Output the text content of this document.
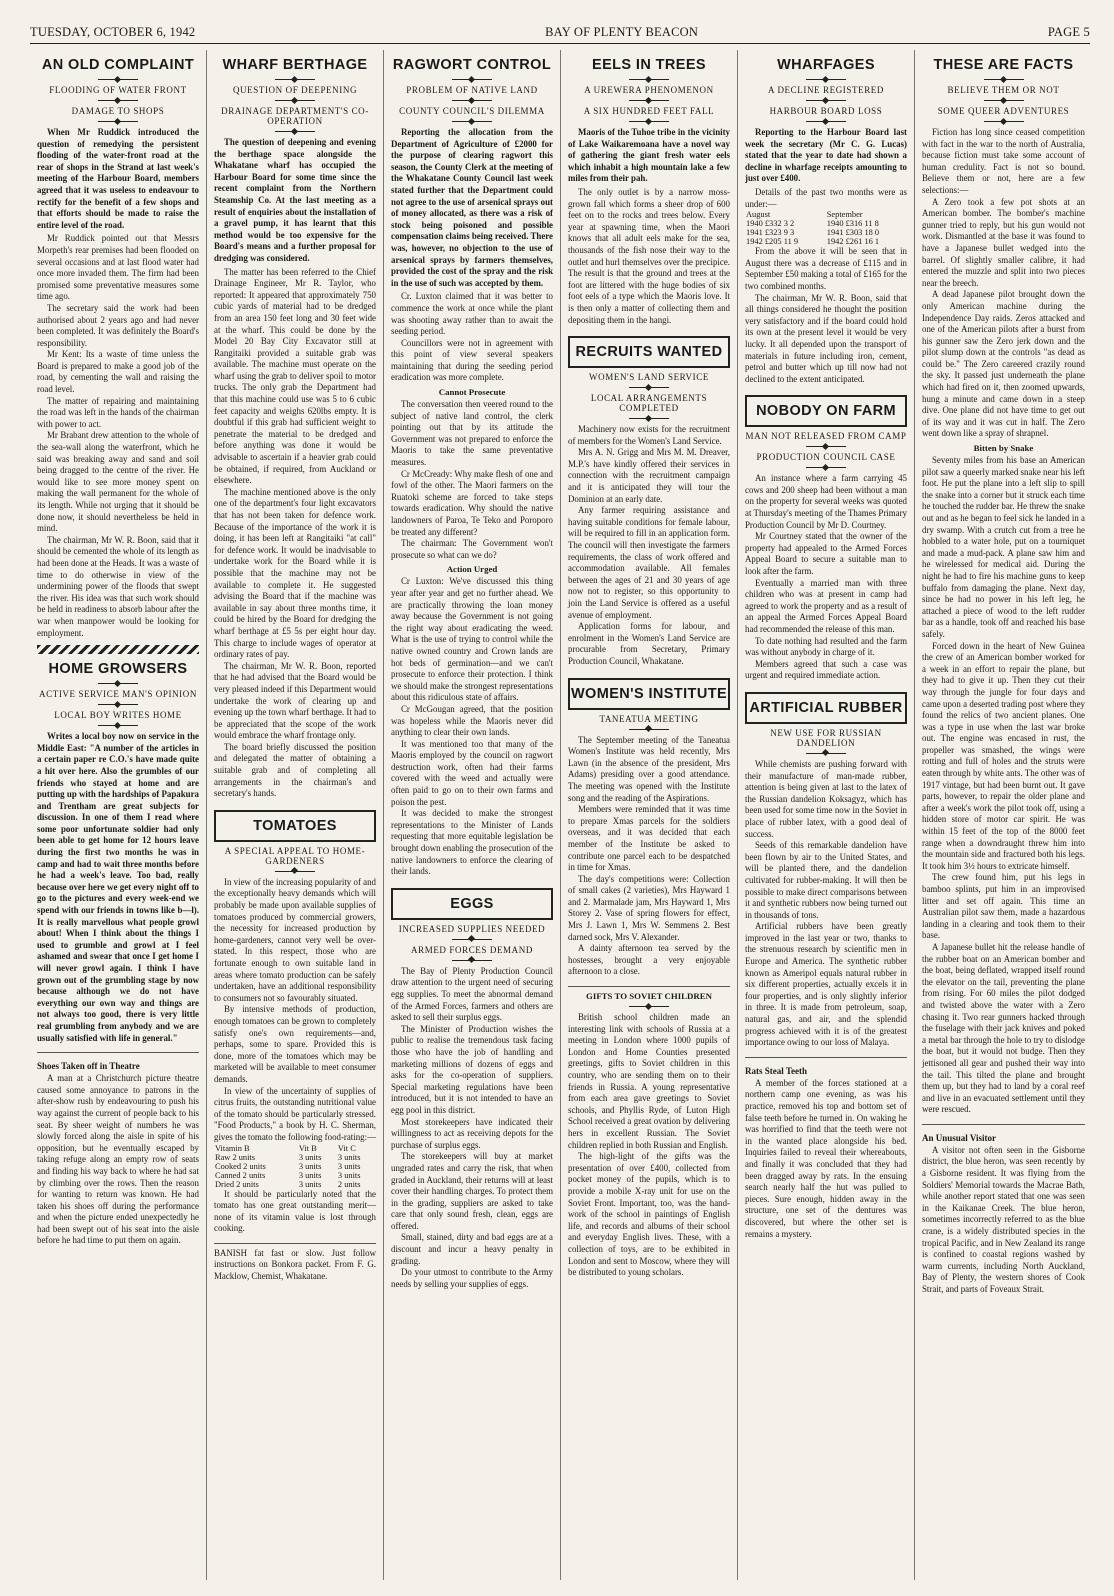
TUESDAY, OCTOBER 6, 1942	BAY OF PLENTY BEACON	PAGE 5
AN OLD COMPLAINT
FLOODING OF WATER FRONT
DAMAGE TO SHOPS

When Mr Ruddick introduced the question of remedying the persistent flooding of the water-front road at the rear of shops in the Strand at last week's meeting of the Harbour Board, members agreed that it was useless to endeavour to rectify for the benefit of a few shops and that efforts should be made to raise the entire level of the road.

Mr Ruddick pointed out that Messrs Morpeth's rear premises had been flooded on several occasions and at last flood water had once more invaded them. The firm had been promised some preventative measures some time ago.

The secretary said the work had been authorised about 2 years ago and had never been completed. It was definitely the Board's responsibility.

Mr Kent: Its a waste of time unless the Board is prepared to make a good job of the road, by cementing the wall and raising the road level.

The matter of repairing and maintaining the road was left in the hands of the chairman with power to act.

Mr Brabant drew attention to the whole of the sea-wall along the waterfront, which he said was breaking away and sand and soil being dragged to the centre of the river. He would like to see more money spent on making the wall permanent for the whole of its length. While not urging that it should be done now, it should nevertheless be held in mind.

The chairman, Mr W. R. Boon, said that it should be cemented the whole of its length as had been done at the Heads. It was a waste of time to do otherwise in view of the undermining power of the floods that swept the river. His idea was that such work should be held in readiness to absorb labour after the war when manpower would be looking for employment.

HOME GROWSERS
ACTIVE SERVICE MAN'S OPINION
LOCAL BOY WRITES HOME

Writes a local boy now on service in the Middle East: "A number of the articles in a certain paper re C.O.'s have made quite a hit over here. Also the grumbles of our friends who stayed at home and are putting up with the hardships of Papakura and Trentham are great subjects for discussion. In one of them I read where some poor unfortunate soldier had only been able to get home for 12 hours leave during the first two months he was in camp and had to wait three months before he had a week's leave. Too bad, really because over here we get every night off to go to the pictures and every week-end we spend with our friends in towns like b—l). It is really marvellous what people growl about! When I think about the things I used to grumble and growl at I feel ashamed and swear that once I get home I will never growl again. I think I have grown out of the grumbling stage by now because although we do not have everything our own way and things are not always too good, there is very little real grumbling from anybody and we are usually satisfied with life in general."

Shoes Taken off in Theatre

A man at a Christchurch picture theatre caused some annoyance to patrons in the after-show rush by endeavouring to push his way against the current of people back to his seat. By sheer weight of numbers he was slowly forced along the aisle in spite of his opposition, but he eventually escaped by taking refuge along an empty row of seats and finding his way back to where he had sat by climbing over the rows. Then the reason for wanting to return was known. He had taken his shoes off during the performance and when the picture ended unexpectedly he had been swept out of his seat into the aisle before he had time to put them on again.

WHARF BERTHAGE
QUESTION OF DEEPENING
DRAINAGE DEPARTMENT'S CO-OPERATION

The question of deepening and evening the berthage space alongside the Whakatane wharf has occupied the Harbour Board for some time since the recent complaint from the Northern Steamship Co. At the last meeting as a result of enquiries about the installation of a gravel pump, it has learnt that this method would be too expensive for the Board's means and a further proposal for dredging was considered.

The matter has been referred to the Chief Drainage Engineer, Mr R. Taylor, who reported: It appeared that approximately 750 cubic yards of material had to be dredged from an area 150 feet long and 30 feet wide at the wharf. This could be done by the Model 20 Bay City Excavator still at Rangitaiki provided a suitable grab was available. The machine must operate on the wharf using the grab to deliver spoil to motor trucks. The only grab the Department had that this machine could use was 5 to 6 cubic feet capacity and weighs 620lbs empty. It is doubtful if this grab had sufficient weight to penetrate the material to be dredged and before anything was done it would be advisable to ascertain if a heavier grab could be obtained, if required, from Auckland or elsewhere.

The machine mentioned above is the only one of the department's four light excavators that has not been taken for defence work. Because of the importance of the work it is doing, it has been left at Rangitaiki "at call" for defence work. It would be inadvisable to undertake work for the Board while it is possible that the machine may not be available to complete it. He suggested advising the Board that if the machine was available in say about three months time, it could be hired by the Board for dredging the wharf berthage at £5 5s per eight hour day. This charge to include wages of operator at ordinary rates of pay.

The chairman, Mr W. R. Boon, reported that he had advised that the Board would be very pleased indeed if this Department would undertake the work of clearing up and evening up the town wharf berthage. It had to be appreciated that the scope of the work would embrace the wharf frontage only.

The board briefly discussed the position and delegated the matter of obtaining a suitable grab and of completing all arrangements in the chairman's and secretary's hands.

TOMATOES
A SPECIAL APPEAL TO HOME-GARDENERS

In view of the increasing popularity of and the exceptionally heavy demands which will probably be made upon available supplies of tomatoes produced by commercial growers, the necessity for increased production by home-gardeners, cannot very well be over-stated. In this respect, those who are fortunate enough to own suitable land in areas where tomato production can be safely undertaken, have an additional responsibility to consumers not so favourably situated.

By intensive methods of production, enough tomatoes can be grown to completely satisfy one's own requirements—and, perhaps, some to spare. Provided this is done, more of the tomatoes which may be marketed will be available to meet consumer demands.

In view of the uncertainty of supplies of citrus fruits, the outstanding nutritional value of the tomato should be particularly stressed. "Food Products," a book by H. C. Sherman, gives the tomato the following food-rating:—

Vitamin B	Vit B	Vit C
Raw 2 units	3 units	3 units
Cooked 2 units	3 units	3 units
Canned 2 units	3 units	3 units
Dried 2 units	3 units	2 units

It should be particularly noted that the tomato has one great outstanding merit—none of its vitamin value is lost through cooking.

BANISH fat fast or slow. Just follow instructions on Bonkora packet. From F. G. Macklow, Chemist, Whakatane.

RAGWORT CONTROL
PROBLEM OF NATIVE LAND
COUNTY COUNCIL'S DILEMMA

Reporting the allocation from the Department of Agriculture of £2000 for the purpose of clearing ragwort this season, the County Clerk at the meeting of the Whakatane County Council last week stated further that the Department could not agree to the use of arsenical sprays out of money allocated, as there was a risk of stock being poisoned and possible compensation claims being received. There was, however, no objection to the use of arsenical sprays by farmers themselves, provided the cost of the spray and the risk in the use of such was accepted by them.

Cr. Luxton claimed that it was better to commence the work at once while the plant was shooting away rather than to await the seeding period.

Councillors were not in agreement with this point of view several speakers maintaining that during the seeding period eradication was more complete.

Cannot Prosecute

The conversation then veered round to the subject of native land control, the clerk pointing out that by its attitude the Government was not prepared to enforce the Maoris to take the same preventative measures.

Cr McCready: Why make flesh of one and fowl of the other. The Maori farmers on the Ruatoki scheme are forced to take steps towards eradication. Why should the native landowners of Paroa, Te Teko and Poroporo be treated any different?

The chairman: The Government won't prosecute so what can we do?

Action Urged

Cr Luxton: We've discussed this thing year after year and get no further ahead. We are practically throwing the loan money away because the Government is not going the right way about eradicating the weed. What is the use of trying to control while the native owned country and Crown lands are hot beds of germination—and we can't prosecute to enforce their protection. I think we should make the strongest representations about this ridiculous state of affairs.

Cr McGougan agreed, that the position was hopeless while the Maoris never did anything to clear their own lands.

It was mentioned too that many of the Maoris employed by the council on ragwort destruction work, often had their farms covered with the weed and actually were often paid to go on to their own farms and poison the pest.

It was decided to make the strongest representations to the Minister of Lands requesting that more equitable legislation be brought down enabling the prosecution of the native landowners to enforce the clearing of their lands.

EGGS
INCREASED SUPPLIES NEEDED
ARMED FORCES DEMAND

The Bay of Plenty Production Council draw attention to the urgent need of securing egg supplies. To meet the abnormal demand of the Armed Forces, farmers and others are asked to sell their surplus eggs.

The Minister of Production wishes the public to realise the tremendous task facing those who have the job of handling and marketing millions of dozens of eggs and asks for the co-operation of suppliers. Special marketing regulations have been introduced, but it is not intended to have an egg pool in this district.

Most storekeepers have indicated their willingness to act as receiving depots for the purchase of surplus eggs.

The storekeepers will buy at market ungraded rates and carry the risk, that when graded in Auckland, their returns will at least cover their handling charges. To protect them in the grading, suppliers are asked to take care that only sound fresh, clean, eggs are offered.

Small, stained, dirty and bad eggs are at a discount and incur a heavy penalty in grading.

Do your utmost to contribute to the Army needs by selling your supplies of eggs.

EELS IN TREES
A UREWERA PHENOMENON
A SIX HUNDRED FEET FALL

Maoris of the Tuhoe tribe in the vicinity of Lake Waikaremoana have a novel way of gathering the giant fresh water eels which inhabit a high mountain lake a few miles from their pah.

The only outlet is by a narrow moss-grown fall which forms a sheer drop of 600 feet on to the rocks and trees below. Every year at spawning time, when the Maori knows that all adult eels make for the sea, thousands of the fish nose their way to the outlet and hurl themselves over the precipice. The result is that the ground and trees at the foot are littered with the huge bodies of six foot eels of a type which the Maoris love. It is then only a matter of collecting them and depositing them in the hangi.

RECRUITS WANTED
WOMEN'S LAND SERVICE
LOCAL ARRANGEMENTS COMPLETED

Machinery now exists for the recruitment of members for the Women's Land Service.

Mrs A. N. Grigg and Mrs M. M. Dreaver, M.P.'s have kindly offered their services in connection with the recruitment campaign and it is anticipated they will tour the Dominion at an early date.

Any farmer requiring assistance and having suitable conditions for female labour, will be required to fill in an application form. The council will then investigate the farmers requirements, the class of work offered and accommodation available. All females between the ages of 21 and 30 years of age now not to register, so this opportunity to join the Land Service is offered as a useful avenue of employment.

Application forms for labour, and enrolment in the Women's Land Service are procurable from Secretary, Primary Production Council, Whakatane.

WOMEN'S INSTITUTE
TANEATUA MEETING

The September meeting of the Taneatua Women's Institute was held recently, Mrs Lawn (in the absence of the president, Mrs Adams) presiding over a good attendance. The meeting was opened with the Institute song and the reading of the Aspirations.

Members were reminded that it was time to prepare Xmas parcels for the soldiers overseas, and it was decided that each member of the Institute be asked to contribute one parcel each to be despatched in time for Xmas.

The day's competitions were: Collection of small cakes (2 varieties), Mrs Hayward 1 and 2. Marmalade jam, Mrs Hayward 1, Mrs Storey 2. Vase of spring flowers for effect, Mrs J. Lawn 1, Mrs W. Semmens 2. Best darned sock, Mrs V. Alexander.

A dainty afternoon tea served by the hostesses, brought a very enjoyable afternoon to a close.

GIFTS TO SOVIET CHILDREN

British school children made an interesting link with schools of Russia at a meeting in London where 1000 pupils of London and Home Counties presented greetings, gifts to Soviet children in this country, who are sending them on to their friends in Russia. A young representative from each area gave greetings to Soviet schools, and Phyllis Ryde, of Luton High School received a great ovation by delivering hers in excellent Russian. The Soviet children replied in both Russian and English.

The high-light of the gifts was the presentation of over £400, collected from pocket money of the pupils, which is to provide a mobile X-ray unit for use on the Soviet Front. Important, too, was the hand-work of the school in paintings of English life, and records and albums of their school and everyday English lives. These, with a collection of toys, are to be exhibited in London and sent to Moscow, where they will be distributed to young scholars.

WHARFAGES
A DECLINE REGISTERED
HARBOUR BOARD LOSS

Reporting to the Harbour Board last week the secretary (Mr C. G. Lucas) stated that the year to date had shown a decline in wharfage receipts amounting to just over £400.

Details of the past two months were as under:—

August	September
1940 £332 3 2	1940 £316 11 8
1941 £323 9 3	1941 £303 18 0
1942 £205 11 9	1942 £261 16 1

From the above it will be seen that in August there was a decrease of £115 and in September £50 making a total of £165 for the two combined months.

The chairman, Mr W. R. Boon, said that all things considered he thought the position very satisfactory and if the board could hold its own at the present level it would be very lucky. It all depended upon the transport of materials in future including iron, cement, petrol and butter which up till now had not declined to the extent anticipated.

NOBODY ON FARM
MAN NOT RELEASED FROM CAMP
PRODUCTION COUNCIL CASE

An instance where a farm carrying 45 cows and 200 sheep had been without a man on the property for several weeks was quoted at Thursday's meeting of the Thames Primary Production Council by Mr D. Courtney.

Mr Courtney stated that the owner of the property had appealed to the Armed Forces Appeal Board to secure a suitable man to look after the farm.

Eventually a married man with three children who was at present in camp had agreed to work the property and as a result of an appeal the Armed Forces Appeal Board had recommended the release of this man.

To date nothing had resulted and the farm was without anybody in charge of it.

Members agreed that such a case was urgent and required immediate action.

ARTIFICIAL RUBBER
NEW USE FOR RUSSIAN DANDELION

While chemists are pushing forward with their manufacture of man-made rubber, attention is being given at last to the latex of the Russian dandelion Koksagyz, which has been used for some time now in the Soviet in place of rubber latex, with a good deal of success.

Seeds of this remarkable dandelion have been flown by air to the United States, and will be planted there, and the dandelion cultivated for rubber-making. It will then be possible to make direct comparisons between it and synthetic rubbers now being turned out in thousands of tons.

Artificial rubbers have been greatly improved in the last year or two, thanks to the strenuous research by scientific men in Europe and America. The synthetic rubber known as Ameripol equals natural rubber in six different properties, actually excels it in four properties, and is only slightly inferior in three. It is made from petroleum, soap, natural gas, and air, and the splendid progress achieved with it is of the greatest importance owing to our loss of Malaya.

Rats Steal Teeth

A member of the forces stationed at a northern camp one evening, as was his practice, removed his top and bottom set of false teeth before he turned in. On waking he was horrified to find that the teeth were not in the wanted place alongside his bed. Inquiries failed to reveal their whereabouts, and finally it was concluded that they had been dragged away by rats. In the ensuing search nearly half the hut was pulled to pieces. Sure enough, hidden away in the structure, one set of the dentures was discovered, but where the other set is remains a mystery.

THESE ARE FACTS
BELIEVE THEM OR NOT
SOME QUEER ADVENTURES

Fiction has long since ceased competition with fact in the war to the north of Australia, because fiction must take some account of human credulity. Fact is not so bound. Believe them or not, here are a few selections:—

A Zero took a few pot shots at an American bomber. The bomber's machine gunner tried to reply, but his gun would not work. Dismantled at the base it was found to have a Japanese bullet wedged into the barrel. Of slightly smaller calibre, it had entered the muzzle and split into two pieces near the breech.

A dead Japanese pilot brought down the only American machine during the Independence Day raids. Zeros attacked and one of the American pilots after a burst from his gunner saw the Zero jerk down and the pilot slump down at the controls "as dead as could be." The Zero careered crazily round the sky. It passed just underneath the plane which had fired on it, then zoomed upwards, hung a minute and came down in a steep dive. One plane did not have time to get out of its way and it was cut in half. The Zero went down like a spray of shrapnel.

Bitten by Snake

Seventy miles from his base an American pilot saw a queerly marked snake near his left foot. He put the plane into a left slip to spill the snake into a corner but it struck each time he touched the rudder bar. He threw the snake out and as he began to feel sick he landed in a dry swamp. With a crutch cut from a tree he hobbled to a water hole, put on a tourniquet and made a mud-pack. A plane saw him and he wirelessed for medical aid. During the night he had to fire his machine guns to keep buffalo from damaging the plane. Next day, since he had no power in his left leg, he attached a piece of wood to the left rudder bar as a handle, took off and reached his base safely.

Forced down in the heart of New Guinea the crew of an American bomber worked for a week in an effort to repair the plane, but they had to give it up. Then they cut their way through the jungle for four days and came upon a deserted trading post where they found the relics of two ancient planes. One was a type in use when the last war broke out. The engine was encased in rust, the propeller was smashed, the wings were rotting and full of holes and the struts were eaten through by white ants. The other was of 1917 vintage, but had been burnt out. It gave parts, however, to repair the older plane and after a week's work the pilot took off, using a hidden store of motor car spirit. He was within 15 feet of the top of the 8000 feet range when a downdraught threw him into the mountain side and fractured both his legs. It took him 3½ hours to extricate himself.

The crew found him, put his legs in bamboo splints, put him in an improvised litter and set off again. This time an Australian pilot saw them, made a hazardous landing in a clearing and took them to their base.

A Japanese bullet hit the release handle of the rubber boat on an American bomber and the boat, being deflated, wrapped itself round the elevator on the tail, preventing the plane from rising. For 60 miles the pilot dodged and twisted above the water with a Zero chasing it. Two rear gunners hacked through the fuselage with their jack knives and poked a metal bar through the hole to try to dislodge the boat, but it would not budge. Then they jettisoned all gear and pushed their way into the tail. This tilted the plane and brought them up, but they had to land by a coral reef and live in an evacuated settlement until they were rescued.

An Unusual Visitor

A visitor not often seen in the Gisborne district, the blue heron, was seen recently by a Gisborne resident. It was flying from the Soldiers' Memorial towards the Macrae Bath, while another report stated that one was seen in the Kaikanae Creek. The blue heron, sometimes incorrectly referred to as the blue crane, is a widely distributed species in the tropical Pacific, and in New Zealand its range is confined to coastal regions washed by warm currents, including North Auckland, Bay of Plenty, the western shores of Cook Strait, and parts of Foveaux Strait.
